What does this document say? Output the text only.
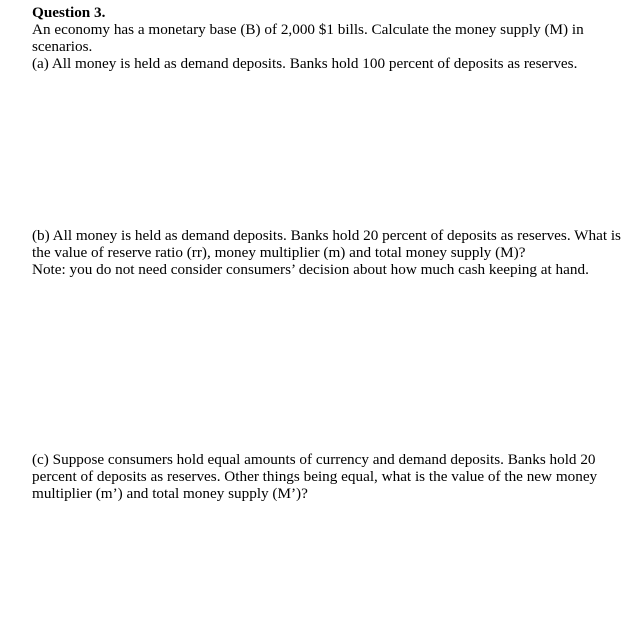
Question 3.

An economy has a monetary base (B) of 2,000 $1 bills. Calculate the money supply (M) in scenarios.

(a) All money is held as demand deposits. Banks hold 100 percent of deposits as reserves.

(b) All money is held as demand deposits. Banks hold 20 percent of deposits as reserves. What is the value of reserve ratio (rr), money multiplier (m) and total money supply (M)?

Note: you do not need consider consumers’ decision about how much cash keeping at hand.

(c) Suppose consumers hold equal amounts of currency and demand deposits. Banks hold 20 percent of deposits as reserves. Other things being equal, what is the value of the new money multiplier (m’) and total money supply (M’)?
